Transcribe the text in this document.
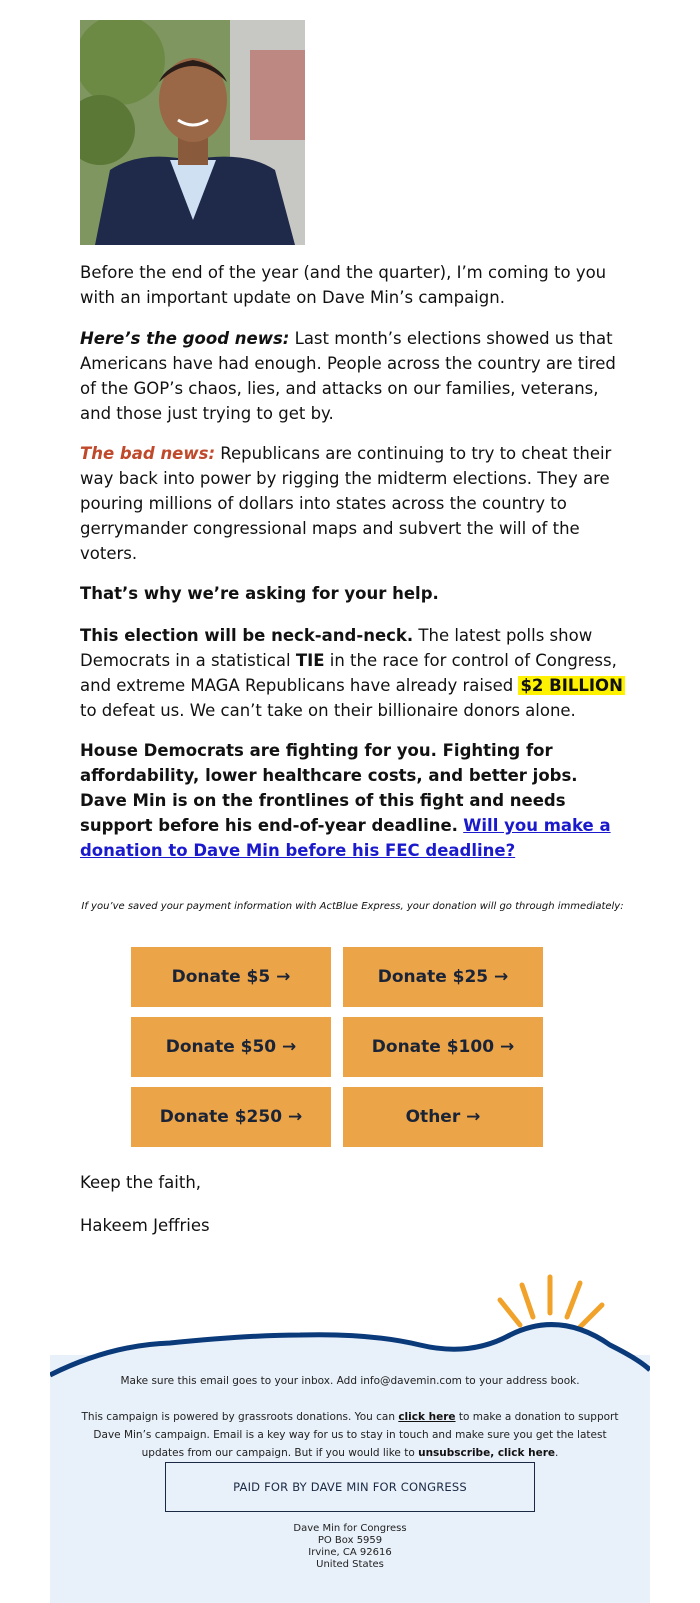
Before the end of the year (and the quarter), I’m coming to you with an important update on Dave Min’s campaign.

Here’s the good news: Last month’s elections showed us that Americans have had enough. People across the country are tired of the GOP’s chaos, lies, and attacks on our families, veterans, and those just trying to get by.

The bad news: Republicans are continuing to try to cheat their way back into power by rigging the midterm elections. They are pouring millions of dollars into states across the country to gerrymander congressional maps and subvert the will of the voters.

That’s why we’re asking for your help.

This election will be neck-and-neck. The latest polls show Democrats in a statistical TIE in the race for control of Congress, and extreme MAGA Republicans have already raised $2 BILLION to defeat us. We can’t take on their billionaire donors alone.

House Democrats are fighting for you. Fighting for affordability, lower healthcare costs, and better jobs. Dave Min is on the frontlines of this fight and needs support before his end-of-year deadline. Will you make a donation to Dave Min before his FEC deadline?

If you’ve saved your payment information with ActBlue Express, your donation will go through immediately:
Donate $5 →	Donate $25 →
Donate $50 →	Donate $100 →
Donate $250 →	Other →

Keep the faith,

Hakeem Jeffries

Make sure this email goes to your inbox. Add info@davemin.com to your address book.
This campaign is powered by grassroots donations. You can click here to make a donation to support Dave Min’s campaign. Email is a key way for us to stay in touch and make sure you get the latest updates from our campaign. But if you would like to unsubscribe, click here.
PAID FOR BY DAVE MIN FOR CONGRESS
Dave Min for Congress
PO Box 5959
Irvine, CA 92616
United States
